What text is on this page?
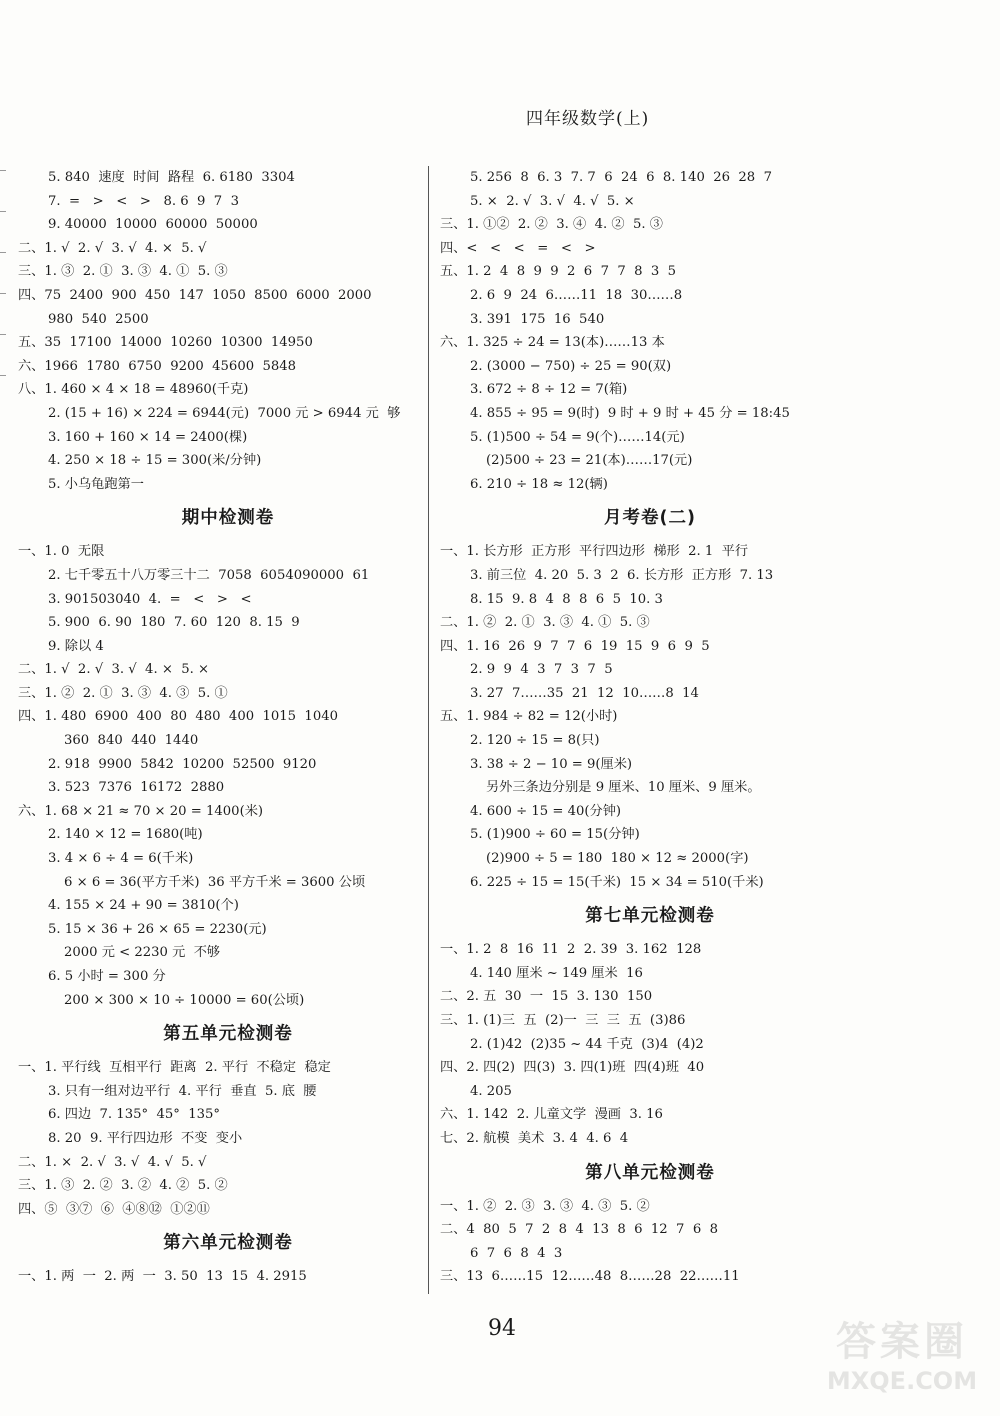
四年级数学(上)
5. 840  速度  时间  路程  6. 6180  3304
7.  =   >   <   >   8. 6  9  7  3
9. 40000  10000  60000  50000
二、1. √  2. √  3. √  4. ×  5. √
三、1. ③  2. ①  3. ③  4. ①  5. ③
四、75  2400  900  450  147  1050  8500  6000  2000
980  540  2500
五、35  17100  14000  10260  10300  14950
六、1966  1780  6750  9200  45600  5848
八、1. 460 × 4 × 18 = 48960(千克)
2. (15 + 16) × 224 = 6944(元)  7000 元 > 6944 元  够
3. 160 + 160 × 14 = 2400(棵)
4. 250 × 18 ÷ 15 = 300(米/分钟)
5. 小乌龟跑第一
期中检测卷
一、1. 0  无限
2. 七千零五十八万零三十二  7058  6054090000  61
3. 901503040  4.  =   <   >   <
5. 900  6. 90  180  7. 60  120  8. 15  9
9. 除以 4
二、1. √  2. √  3. √  4. ×  5. ×
三、1. ②  2. ①  3. ③  4. ③  5. ①
四、1. 480  6900  400  80  480  400  1015  1040
360  840  440  1440
2. 918  9900  5842  10200  52500  9120
3. 523  7376  16172  2880
六、1. 68 × 21 ≈ 70 × 20 = 1400(米)
2. 140 × 12 = 1680(吨)
3. 4 × 6 ÷ 4 = 6(千米)
6 × 6 = 36(平方千米)  36 平方千米 = 3600 公顷
4. 155 × 24 + 90 = 3810(个)
5. 15 × 36 + 26 × 65 = 2230(元)
2000 元 < 2230 元  不够
6. 5 小时 = 300 分
200 × 300 × 10 ÷ 10000 = 60(公顷)
第五单元检测卷
一、1. 平行线  互相平行  距离  2. 平行  不稳定  稳定
3. 只有一组对边平行  4. 平行  垂直  5. 底  腰
6. 四边  7. 135°  45°  135°
8. 20  9. 平行四边形  不变  变小
二、1. ×  2. √  3. √  4. √  5. √
三、1. ③  2. ②  3. ②  4. ②  5. ②
四、⑤  ③⑦  ⑥  ④⑧⑫  ①②⑪
第六单元检测卷
一、1. 两  一  2. 两  一  3. 50  13  15  4. 2915
5. 256  8  6. 3  7. 7  6  24  6  8. 140  26  28  7
5. ×  2. √  3. √  4. √  5. ×
三、1. ①②  2. ②  3. ④  4. ②  5. ③
四、<   <   <   =   <   >
五、1. 2  4  8  9  9  2  6  7  7  8  3  5
2. 6  9  24  6……11  18  30……8
3. 391  175  16  540
六、1. 325 ÷ 24 = 13(本)……13 本
2. (3000 − 750) ÷ 25 = 90(双)
3. 672 ÷ 8 ÷ 12 = 7(箱)
4. 855 ÷ 95 = 9(时)  9 时 + 9 时 + 45 分 = 18:45
5. (1)500 ÷ 54 = 9(个)……14(元)
(2)500 ÷ 23 = 21(本)……17(元)
6. 210 ÷ 18 ≈ 12(辆)
月考卷(二)
一、1. 长方形  正方形  平行四边形  梯形  2. 1  平行
3. 前三位  4. 20  5. 3  2  6. 长方形  正方形  7. 13
8. 15  9. 8  4  8  8  6  5  10. 3
二、1. ②  2. ①  3. ③  4. ①  5. ③
四、1. 16  26  9  7  7  6  19  15  9  6  9  5
2. 9  9  4  3  7  3  7  5
3. 27  7……35  21  12  10……8  14
五、1. 984 ÷ 82 = 12(小时)
2. 120 ÷ 15 = 8(只)
3. 38 ÷ 2 − 10 = 9(厘米)
另外三条边分别是 9 厘米、10 厘米、9 厘米。
4. 600 ÷ 15 = 40(分钟)
5. (1)900 ÷ 60 = 15(分钟)
(2)900 ÷ 5 = 180  180 × 12 ≈ 2000(字)
6. 225 ÷ 15 = 15(千米)  15 × 34 = 510(千米)
第七单元检测卷
一、1. 2  8  16  11  2  2. 39  3. 162  128
4. 140 厘米 ~ 149 厘米  16
二、2. 五  30  一  15  3. 130  150
三、1. (1)三  五  (2)一  三  三  五  (3)86
2. (1)42  (2)35 ~ 44 千克  (3)4  (4)2
四、2. 四(2)  四(3)  3. 四(1)班  四(4)班  40
4. 205
六、1. 142  2. 儿童文学  漫画  3. 16
七、2. 航模  美术  3. 4  4. 6  4
第八单元检测卷
一、1. ②  2. ③  3. ③  4. ③  5. ②
二、4  80  5  7  2  8  4  13  8  6  12  7  6  8
6  7  6  8  4  3
三、13  6……15  12……48  8……28  22……11
94	答案圈
MXQE.COM
